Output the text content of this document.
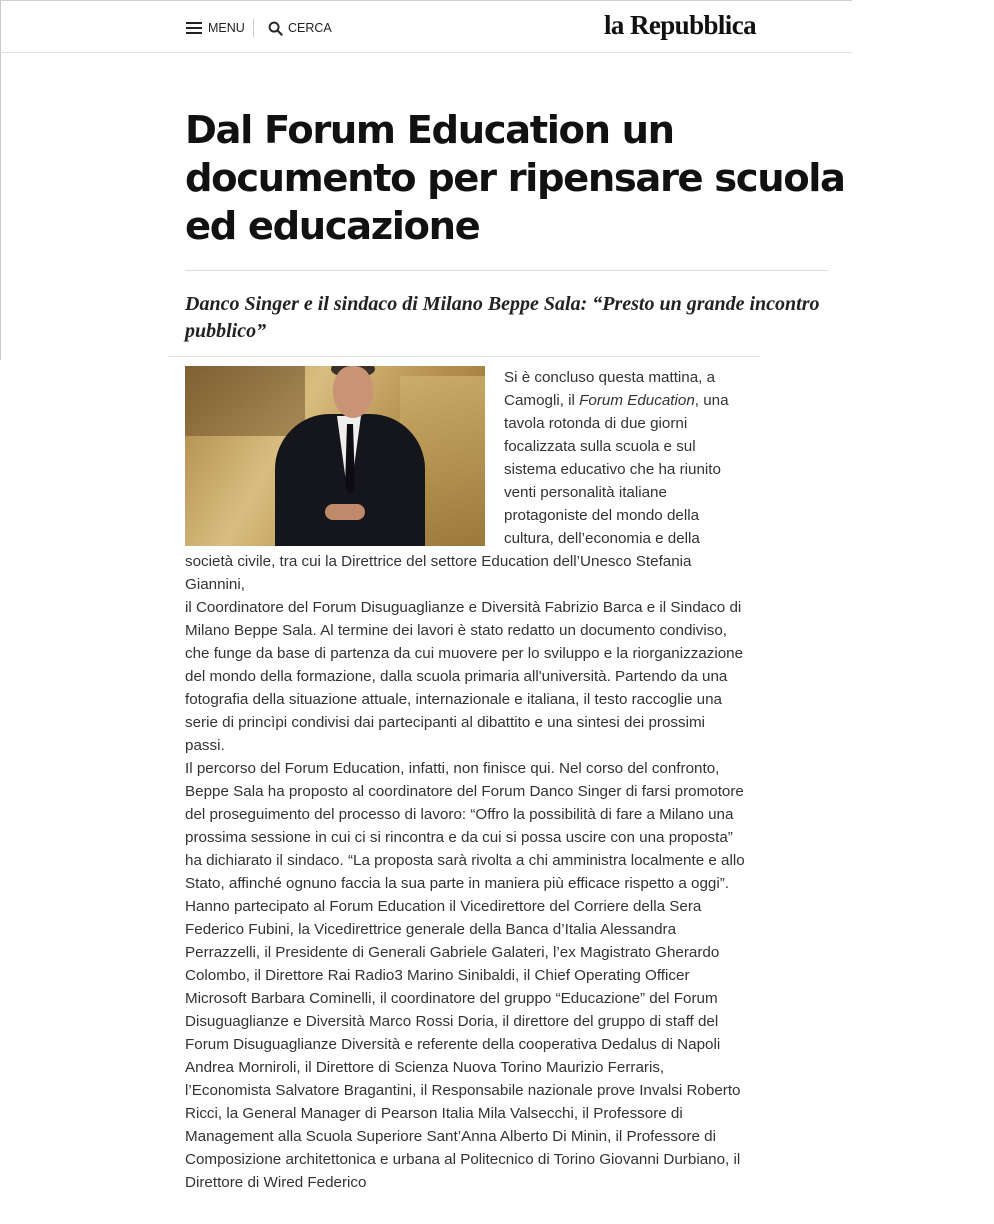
MENU	CERCA	la Repubblica
Dal Forum Education un documento per ripensare scuola ed educazione
Danco Singer e il sindaco di Milano Beppe Sala: “Presto un grande incontro pubblico”

Si è concluso questa mattina, a Camogli, il Forum Education, una tavola rotonda di due giorni focalizzata sulla scuola e sul sistema educativo che ha riunito venti personalità italiane protagoniste del mondo della cultura, dell’economia e della società civile, tra cui la Direttrice del settore Education dell’Unesco Stefania Giannini,

il Coordinatore del Forum Disuguaglianze e Diversità Fabrizio Barca e il Sindaco di Milano Beppe Sala. Al termine dei lavori è stato redatto un documento condiviso, che funge da base di partenza da cui muovere per lo sviluppo e la riorganizzazione del mondo della formazione, dalla scuola primaria all'università. Partendo da una fotografia della situazione attuale, internazionale e italiana, il testo raccoglie una serie di princìpi condivisi dai partecipanti al dibattito e una sintesi dei prossimi passi.

Il percorso del Forum Education, infatti, non finisce qui. Nel corso del confronto, Beppe Sala ha proposto al coordinatore del Forum Danco Singer di farsi promotore del proseguimento del processo di lavoro: “Offro la possibilità di fare a Milano una prossima sessione in cui ci si rincontra e da cui si possa uscire con una proposta” ha dichiarato il sindaco. “La proposta sarà rivolta a chi amministra localmente e allo Stato, affinché ognuno faccia la sua parte in maniera più efficace rispetto a oggi”.

Hanno partecipato al Forum Education il Vicedirettore del Corriere della Sera Federico Fubini, la Vicedirettrice generale della Banca d’Italia Alessandra Perrazzelli, il Presidente di Generali Gabriele Galateri, l’ex Magistrato Gherardo Colombo, il Direttore Rai Radio3 Marino Sinibaldi, il Chief Operating Officer Microsoft Barbara Cominelli, il coordinatore del gruppo “Educazione” del Forum Disuguaglianze e Diversità Marco Rossi Doria, il direttore del gruppo di staff del Forum Disuguaglianze Diversità e referente della cooperativa Dedalus di Napoli Andrea Morniroli, il Direttore di Scienza Nuova Torino Maurizio Ferraris, l’Economista Salvatore Bragantini, il Responsabile nazionale prove Invalsi Roberto Ricci, la General Manager di Pearson Italia Mila Valsecchi, il Professore di Management alla Scuola Superiore Sant’Anna Alberto Di Minin, il Professore di Composizione architettonica e urbana al Politecnico di Torino Giovanni Durbiano, il Direttore di Wired Federico
